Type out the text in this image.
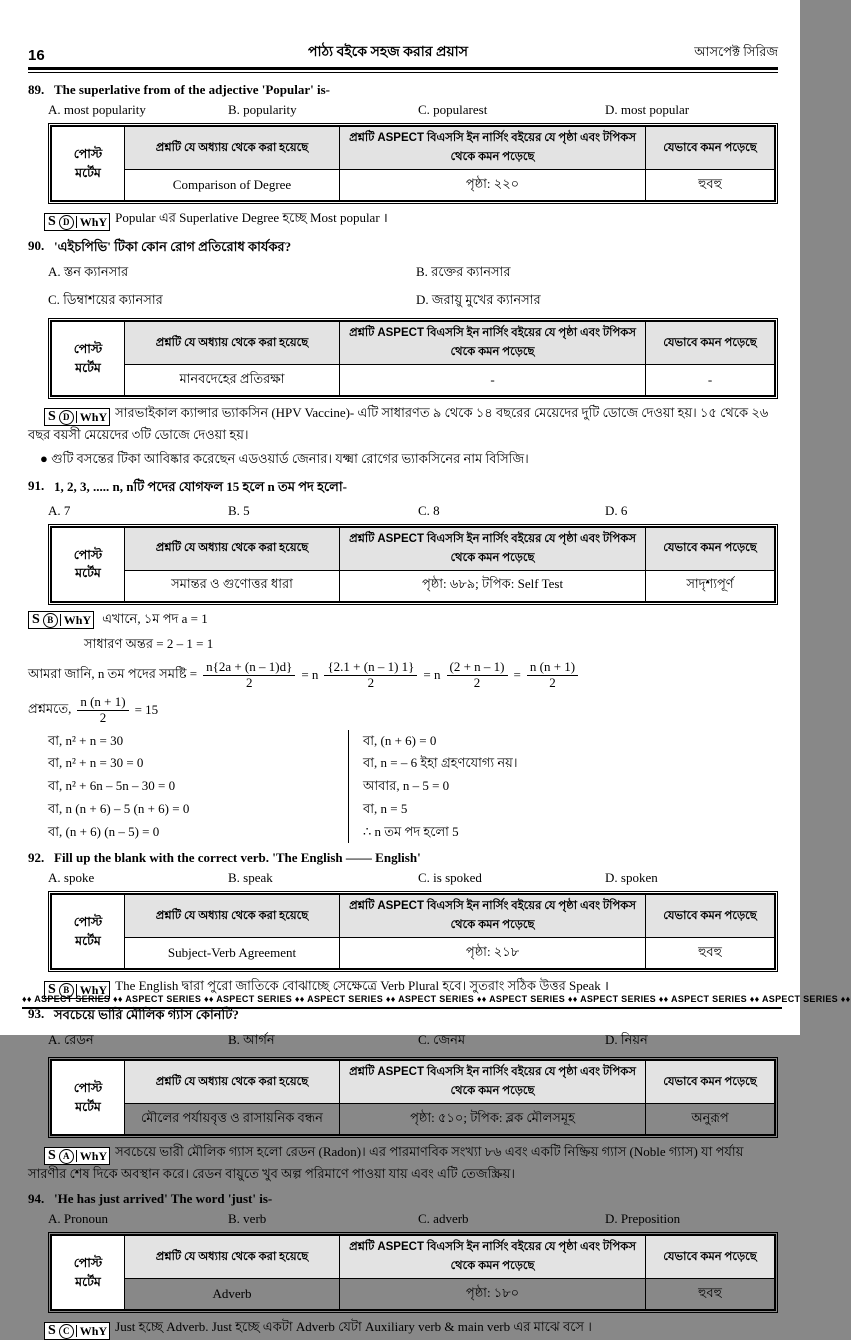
16	পাঠ্য বইকে সহজ করার প্রয়াস	আসপেক্ট সিরিজ
89. The superlative from of the adjective 'Popular' is-
A. most popularity	B. popularity	C. popularest	D. most popular
পোস্ট
মর্টেম	প্রশ্নটি যে অধ্যায় থেকে করা হয়েছে	প্রশ্নটি ASPECT বিএসসি ইন নার্সিং বইয়ের যে পৃষ্ঠা এবং টপিকস থেকে কমন পড়েছে	যেভাবে কমন পড়েছে
	Comparison of Degree	পৃষ্ঠা: ২২০	হুবহু

S D WhY Popular এর Superlative Degree হচ্ছে Most popular ।

90. 'এইচপিভি' টিকা কোন রোগ প্রতিরোধ কার্যকর?
A. স্তন ক্যানসার	B. রক্তের ক্যানসার
C. ডিম্বাশয়ের ক্যানসার	D. জরায়ু মুখের ক্যানসার
পোস্ট
মর্টেম	প্রশ্নটি যে অধ্যায় থেকে করা হয়েছে	প্রশ্নটি ASPECT বিএসসি ইন নার্সিং বইয়ের যে পৃষ্ঠা এবং টপিকস থেকে কমন পড়েছে	যেভাবে কমন পড়েছে
	মানবদেহের প্রতিরক্ষা	-	-

S D WhY সারভাইকাল ক্যান্সার ভ্যাকসিন (HPV Vaccine)- এটি সাধারণত ৯ থেকে ১৪ বছরের মেয়েদের দুটি ডোজে দেওয়া হয়। ১৫ থেকে ২৬ বছর বয়সী মেয়েদের ৩টি ডোজে দেওয়া হয়।

● গুটি বসন্তের টিকা আবিষ্কার করেছেন এডওয়ার্ড জেনার। যক্ষ্মা রোগের ভ্যাকসিনের নাম বিসিজি।

91. 1, 2, 3, ..... n, nটি পদের যোগফল 15 হলে n তম পদ হলো-
A. 7	B. 5	C. 8	D. 6
পোস্ট
মর্টেম	প্রশ্নটি যে অধ্যায় থেকে করা হয়েছে	প্রশ্নটি ASPECT বিএসসি ইন নার্সিং বইয়ের যে পৃষ্ঠা এবং টপিকস থেকে কমন পড়েছে	যেভাবে কমন পড়েছে
	সমান্তর ও গুণোত্তর ধারা	পৃষ্ঠা: ৬৮৯; টপিক: Self Test	সাদৃশ্যপূর্ণ
S B WhY এখানে, ১ম পদ a = 1
সাধারণ অন্তর = 2 – 1 = 1
আমরা জানি, n তম পদের সমষ্টি = $\frac{n\{2a + (n - 1)d\}}{2} = n \frac{\{2.1 + (n - 1) 1\}}{2} = n \frac{(2 + n - 1)}{2} = \frac{n (n + 1)}{2}$
প্রশ্নমতে, $\frac{n (n + 1)}{2} = 15$
বা, n² + n = 30
বা, n² + n = 30 = 0
বা, n² + 6n – 5n – 30 = 0
বা, n (n + 6) – 5 (n + 6) = 0
বা, (n + 6) (n – 5) = 0
বা, (n + 6) = 0
বা, n = – 6 ইহা গ্রহণযোগ্য নয়।
আবার, n – 5 = 0
বা, n = 5
∴ n তম পদ হলো 5
92. Fill up the blank with the correct verb. 'The English —— English'
A. spoke	B. speak	C. is spoked	D. spoken
পোস্ট
মর্টেম	প্রশ্নটি যে অধ্যায় থেকে করা হয়েছে	প্রশ্নটি ASPECT বিএসসি ইন নার্সিং বইয়ের যে পৃষ্ঠা এবং টপিকস থেকে কমন পড়েছে	যেভাবে কমন পড়েছে
	Subject-Verb Agreement	পৃষ্ঠা: ২১৮	হুবহু

S B WhY The English দ্বারা পুরো জাতিকে বোঝাচ্ছে সেক্ষেত্রে Verb Plural হবে। সুতরাং সঠিক উত্তর Speak ।

93. সবচেয়ে ভারি মৌলিক গ্যাস কোনটি?
A. রেডন	B. আর্গন	C. জেনম	D. নিয়ন
পোস্ট
মর্টেম	প্রশ্নটি যে অধ্যায় থেকে করা হয়েছে	প্রশ্নটি ASPECT বিএসসি ইন নার্সিং বইয়ের যে পৃষ্ঠা এবং টপিকস থেকে কমন পড়েছে	যেভাবে কমন পড়েছে
	মৌলের পর্যায়বৃত্ত ও রাসায়নিক বন্ধন	পৃষ্ঠা: ৫১০; টপিক: ব্লক মৌলসমূহ	অনুরূপ

S A WhY সবচেয়ে ভারী মৌলিক গ্যাস হলো রেডন (Radon)। এর পারমাণবিক সংখ্যা ৮৬ এবং একটি নিষ্ক্রিয় গ্যাস (Noble গ্যাস) যা পর্যায় সারণীর শেষ দিকে অবস্থান করে। রেডন বায়ুতে খুব অল্প পরিমাণে পাওয়া যায় এবং এটি তেজস্ক্রিয়।

94. 'He has just arrived' The word 'just' is-
A. Pronoun	B. verb	C. adverb	D. Preposition
পোস্ট
মর্টেম	প্রশ্নটি যে অধ্যায় থেকে করা হয়েছে	প্রশ্নটি ASPECT বিএসসি ইন নার্সিং বইয়ের যে পৃষ্ঠা এবং টপিকস থেকে কমন পড়েছে	যেভাবে কমন পড়েছে
	Adverb	পৃষ্ঠা: ১৮০	হুবহু

S C WhY Just হচ্ছে Adverb. Just হচ্ছে একটা Adverb যেটা Auxiliary verb & main verb এর মাঝে বসে ।

♦♦ ASPECT SERIES ♦♦ ASPECT SERIES ♦♦ ASPECT SERIES ♦♦ ASPECT SERIES ♦♦ ASPECT SERIES ♦♦ ASPECT SERIES ♦♦ ASPECT SERIES ♦♦ ASPECT SERIES ♦♦ ASPECT SERIES ♦♦
